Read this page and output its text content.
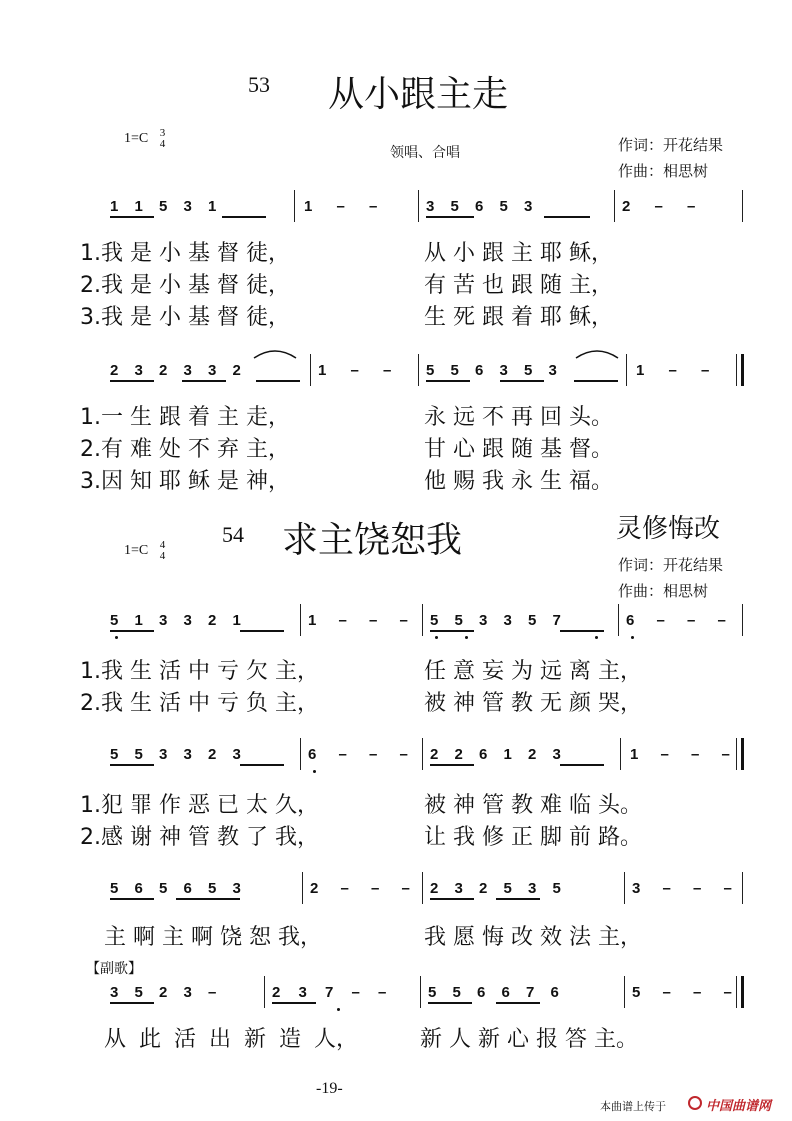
53 从小跟主走
1=C 3
4
领唱、合唱	作词：开花结果
作曲：相思树
1 1 5 3 1	1 – –	3 5 6 5 3	2 – –
1.我 是 小 基 督 徒，	从 小 跟 主 耶 稣，
2.我 是 小 基 督 徒，	有 苦 也 跟 随 主，
3.我 是 小 基 督 徒，	生 死 跟 着 耶 稣，
2 3 2 3 3 2	1 – – 5 5 6 3 5 3	1 – –
1.一 生 跟 着 主 走，	永 远 不 再 回 头。
2.有 难 处 不 弃 主，	甘 心 跟 随 基 督。
3.因 知 耶 稣 是 神，	他 赐 我 永 生 福。
54 求主饶恕我	灵修悔改
1=C 4
4	作词：开花结果
作曲：相思树
5 1 3 3 2 1	1 – – – 5 5 3 3 5 7	6 – – –
1.我 生 活 中 亏 欠 主，	任 意 妄 为 远 离 主，
2.我 生 活 中 亏 负 主，	被 神 管 教 无 颜 哭，
5 5 3 3 2 3	6 – – – 2 2 6 1 2 3	1 – – –
1.犯 罪 作 恶 已 太 久，	被 神 管 教 难 临 头。
2.感 谢 神 管 教 了 我，	让 我 修 正 脚 前 路。
5 6 5 6 5 3	2 – – – 2 3 2 5 3 5	3 – – –
主 啊 主 啊 饶 恕 我，	我 愿 悔 改 效 法 主，
【副歌】
3 5 2 3 –	2 3 7 – –	5 5 6 6 7 6	5 – – –
从 此 活 出 新 造 人，	新 人 新 心 报 答 主。
-19-
本曲谱上传于	中国曲谱网
